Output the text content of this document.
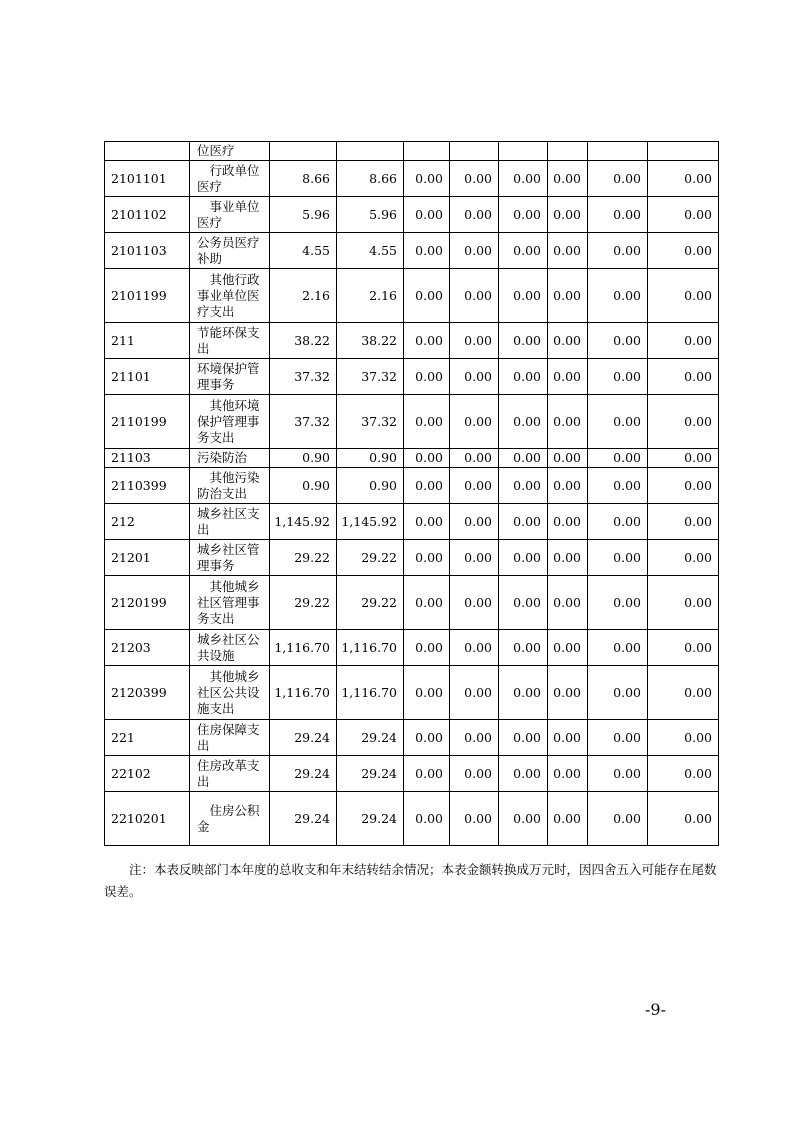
	位医疗								
2101101	　行政单位医疗	8.66	8.66	0.00	0.00	0.00	0.00	0.00	0.00
2101102	　事业单位医疗	5.96	5.96	0.00	0.00	0.00	0.00	0.00	0.00
2101103	公务员医疗补助	4.55	4.55	0.00	0.00	0.00	0.00	0.00	0.00
2101199	　其他行政事业单位医疗支出	2.16	2.16	0.00	0.00	0.00	0.00	0.00	0.00
211	节能环保支出	38.22	38.22	0.00	0.00	0.00	0.00	0.00	0.00
21101	环境保护管理事务	37.32	37.32	0.00	0.00	0.00	0.00	0.00	0.00
2110199	　其他环境保护管理事务支出	37.32	37.32	0.00	0.00	0.00	0.00	0.00	0.00
21103	污染防治	0.90	0.90	0.00	0.00	0.00	0.00	0.00	0.00
2110399	　其他污染防治支出	0.90	0.90	0.00	0.00	0.00	0.00	0.00	0.00
212	城乡社区支出	1,145.92	1,145.92	0.00	0.00	0.00	0.00	0.00	0.00
21201	城乡社区管理事务	29.22	29.22	0.00	0.00	0.00	0.00	0.00	0.00
2120199	　其他城乡社区管理事务支出	29.22	29.22	0.00	0.00	0.00	0.00	0.00	0.00
21203	城乡社区公共设施	1,116.70	1,116.70	0.00	0.00	0.00	0.00	0.00	0.00
2120399	　其他城乡社区公共设施支出	1,116.70	1,116.70	0.00	0.00	0.00	0.00	0.00	0.00
221	住房保障支出	29.24	29.24	0.00	0.00	0.00	0.00	0.00	0.00
22102	住房改革支出	29.24	29.24	0.00	0.00	0.00	0.00	0.00	0.00
2210201	　住房公积金	29.24	29.24	0.00	0.00	0.00	0.00	0.00	0.00

注：本表反映部门本年度的总收支和年末结转结余情况；本表金额转换成万元时，因四舍五入可能存在尾数误差。

-9-
